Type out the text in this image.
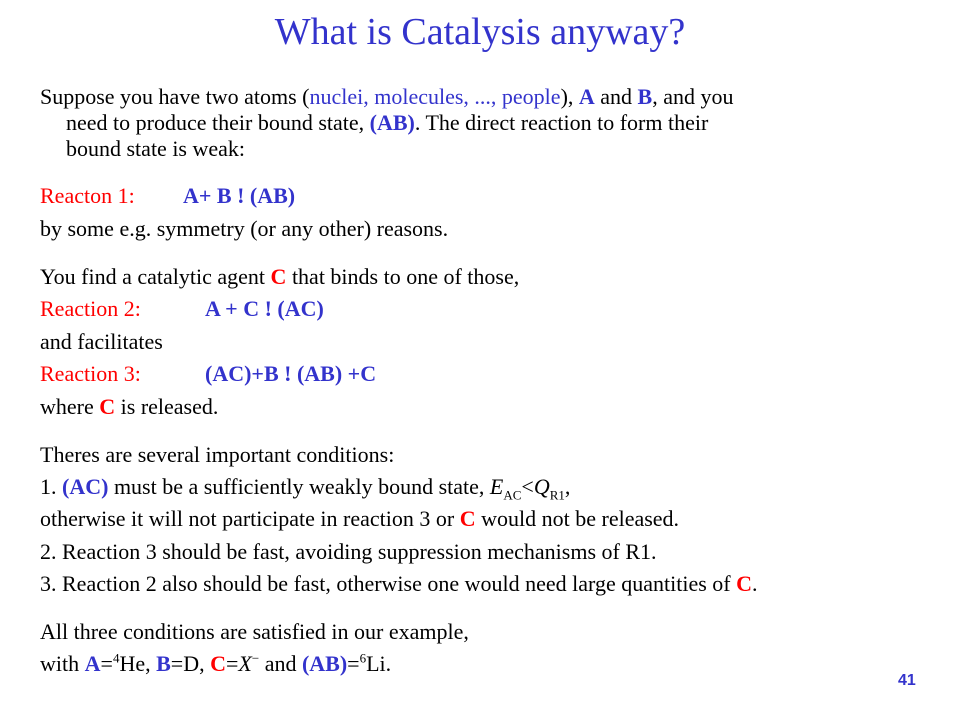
What is Catalysis anyway?
Suppose you have two atoms (nuclei, molecules, ..., people), A and B, and you
need to produce their bound state, (AB). The direct reaction to form their
bound state is weak:
Reacton 1: A+ B ! (AB)
by some e.g. symmetry (or any other) reasons.
You find a catalytic agent C that binds to one of those,
Reaction 2:	A + C ! (AC)
and facilitates
Reaction 3:	(AC)+B ! (AB) +C
where C is released.
Theres are several important conditions:
1. (AC) must be a sufficiently weakly bound state, $E_{AC}<Q_{R1}$,
otherwise it will not participate in reaction 3 or C would not be released.
2. Reaction 3 should be fast, avoiding suppression mechanisms of R1.
3. Reaction 2 also should be fast, otherwise one would need large quantities of C.
All three conditions are satisfied in our example,
with A=$^4$He, B=D, C=X− and (AB)=$^6$Li.
41
